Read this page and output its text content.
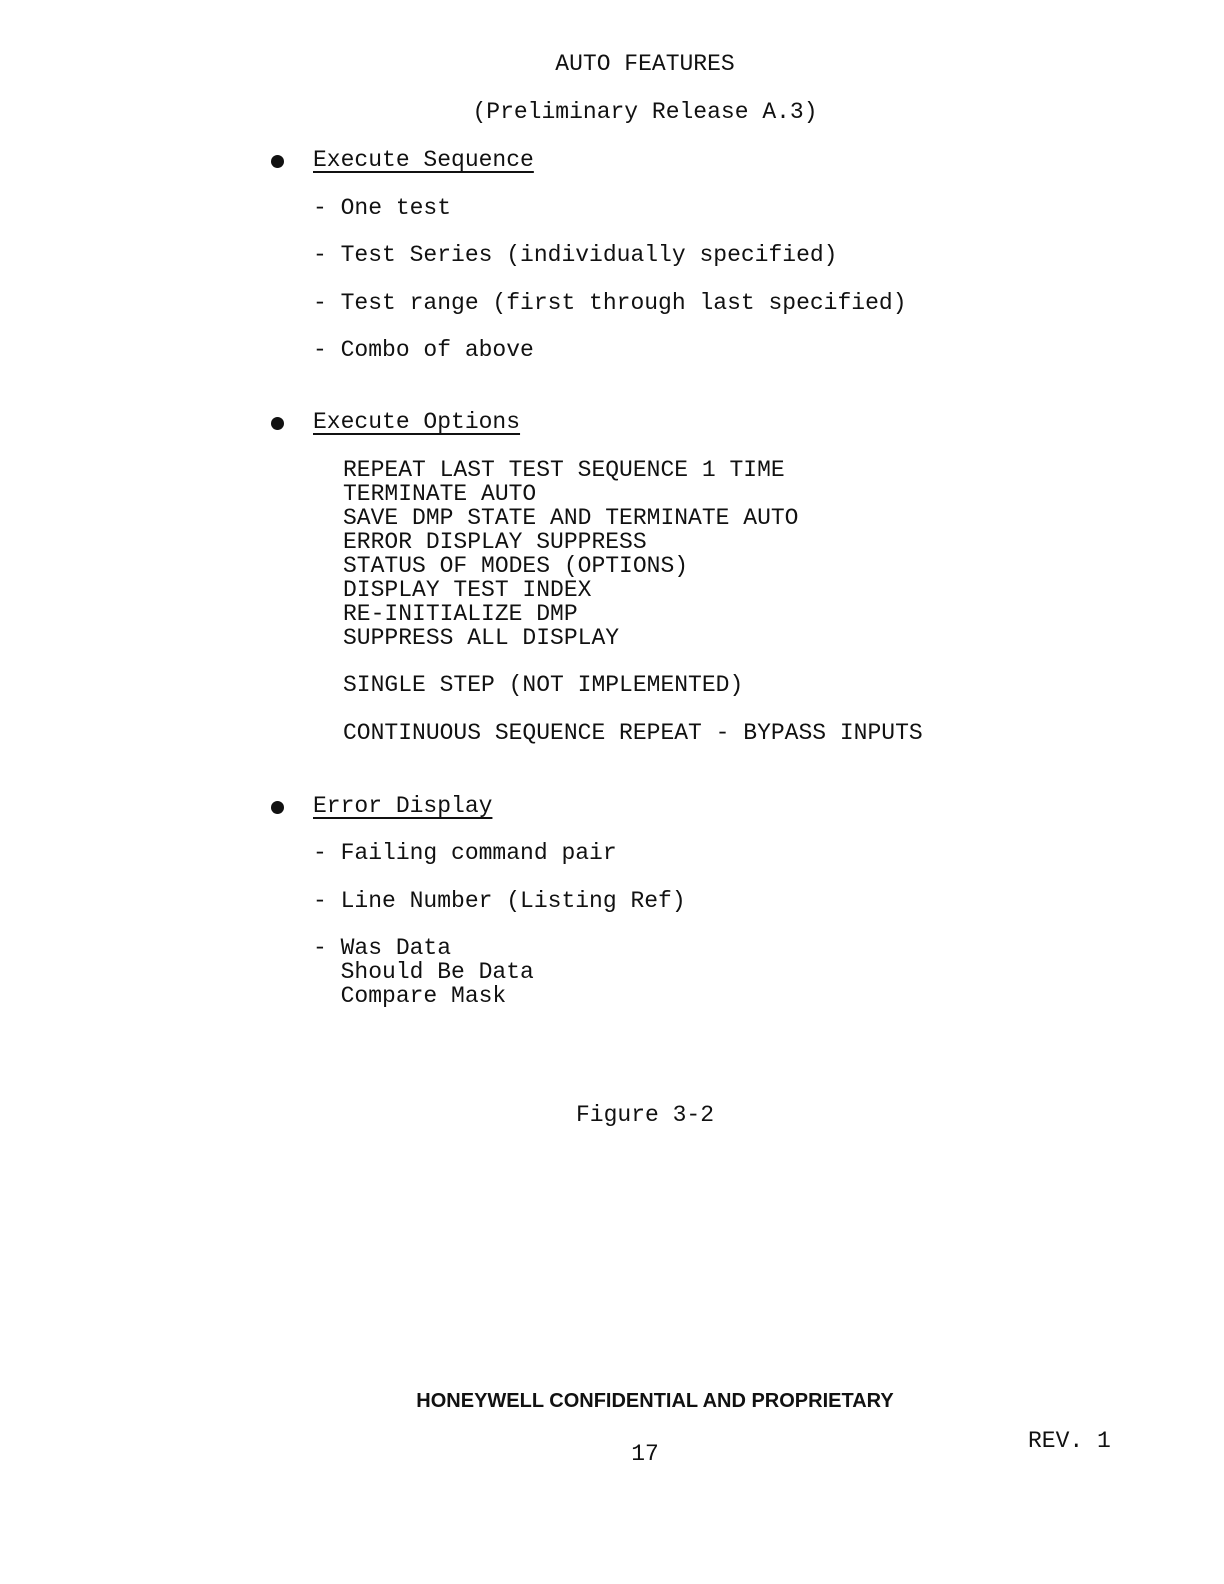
AUTO FEATURES
(Preliminary Release A.3)
Execute Sequence
- One test
- Test Series (individually specified)
- Test range (first through last specified)
- Combo of above
Execute Options
REPEAT LAST TEST SEQUENCE 1 TIME
TERMINATE AUTO
SAVE DMP STATE AND TERMINATE AUTO
ERROR DISPLAY SUPPRESS
STATUS OF MODES (OPTIONS)
DISPLAY TEST INDEX
RE-INITIALIZE DMP
SUPPRESS ALL DISPLAY
SINGLE STEP (NOT IMPLEMENTED)
CONTINUOUS SEQUENCE REPEAT - BYPASS INPUTS
Error Display
- Failing command pair
- Line Number (Listing Ref)
- Was Data
Should Be Data
Compare Mask
Figure 3-2
HONEYWELL CONFIDENTIAL AND PROPRIETARY
17	REV. 1
